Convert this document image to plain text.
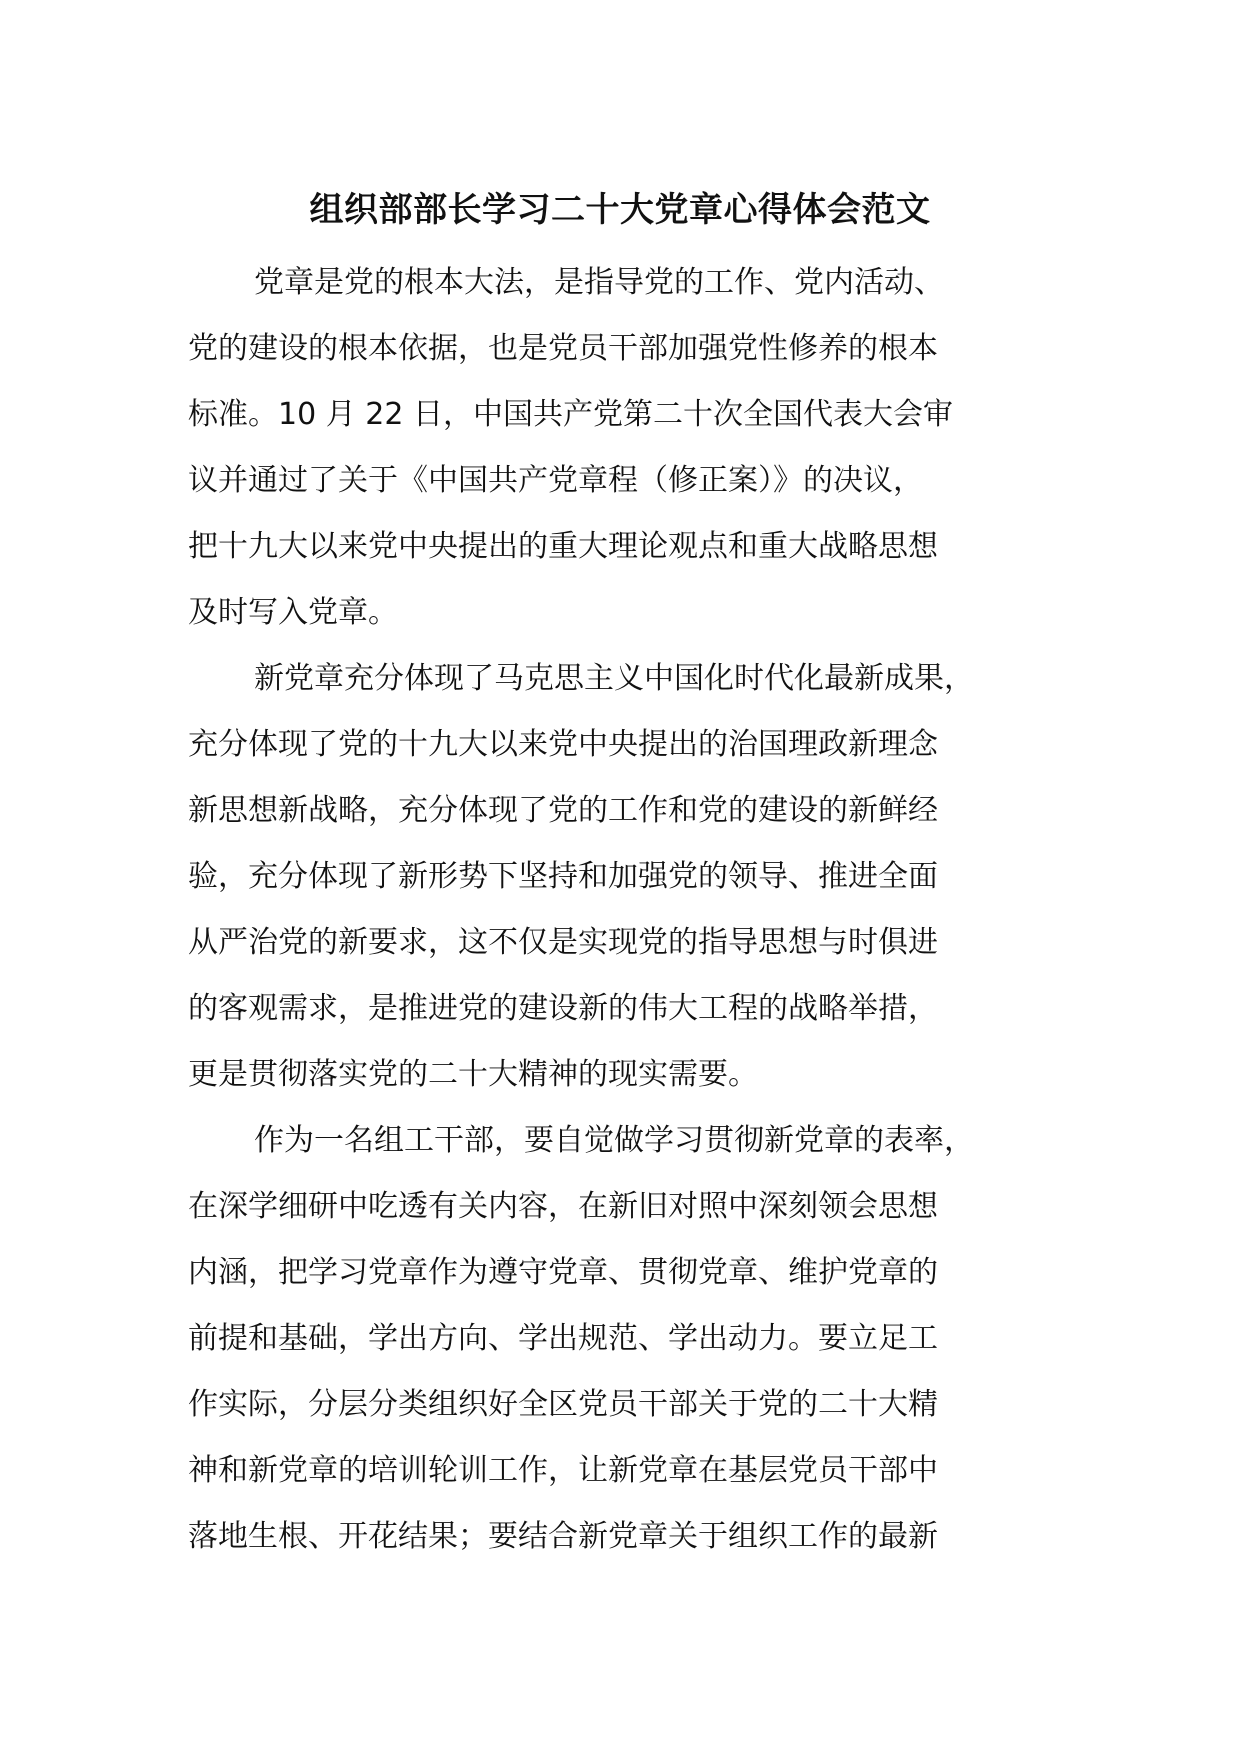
组织部部长学习二十大党章心得体会范文
党章是党的根本大法，是指导党的工作、党内活动、
党的建设的根本依据，也是党员干部加强党性修养的根本
标准。10 月 22 日，中国共产党第二十次全国代表大会审
议并通过了关于《中国共产党章程（修正案）》的决议，
把十九大以来党中央提出的重大理论观点和重大战略思想
及时写入党章。
新党章充分体现了马克思主义中国化时代化最新成果，
充分体现了党的十九大以来党中央提出的治国理政新理念
新思想新战略，充分体现了党的工作和党的建设的新鲜经
验，充分体现了新形势下坚持和加强党的领导、推进全面
从严治党的新要求，这不仅是实现党的指导思想与时俱进
的客观需求，是推进党的建设新的伟大工程的战略举措，
更是贯彻落实党的二十大精神的现实需要。
作为一名组工干部，要自觉做学习贯彻新党章的表率，
在深学细研中吃透有关内容，在新旧对照中深刻领会思想
内涵，把学习党章作为遵守党章、贯彻党章、维护党章的
前提和基础，学出方向、学出规范、学出动力。要立足工
作实际，分层分类组织好全区党员干部关于党的二十大精
神和新党章的培训轮训工作，让新党章在基层党员干部中
落地生根、开花结果；要结合新党章关于组织工作的最新
